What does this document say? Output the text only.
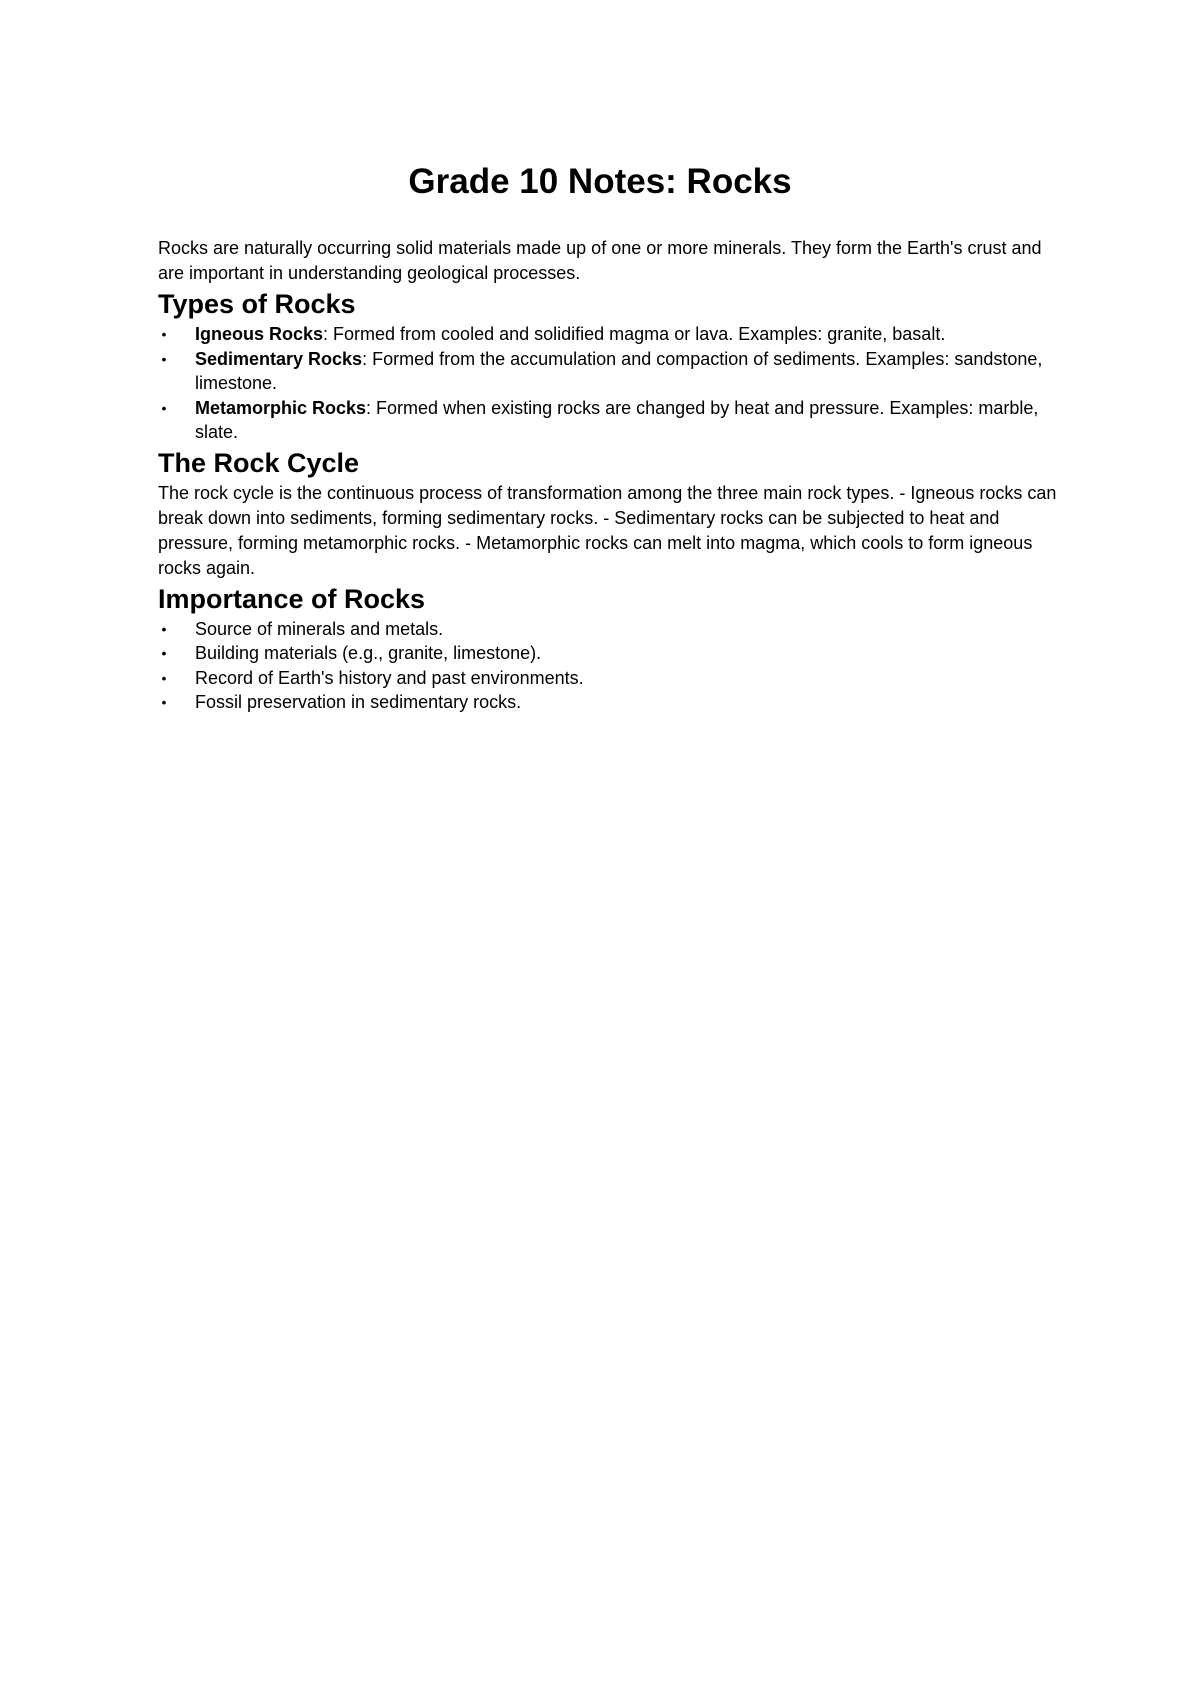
Grade 10 Notes: Rocks

Rocks are naturally occurring solid materials made up of one or more minerals. They form the Earth's crust and are important in understanding geological processes.

Types of Rocks
• Igneous Rocks: Formed from cooled and solidified magma or lava. Examples: granite, basalt.
• Sedimentary Rocks: Formed from the accumulation and compaction of sediments. Examples: sandstone, limestone.
• Metamorphic Rocks: Formed when existing rocks are changed by heat and pressure. Examples: marble, slate.
The Rock Cycle

The rock cycle is the continuous process of transformation among the three main rock types. - Igneous rocks can break down into sediments, forming sedimentary rocks. - Sedimentary rocks can be subjected to heat and pressure, forming metamorphic rocks. - Metamorphic rocks can melt into magma, which cools to form igneous rocks again.

Importance of Rocks
• Source of minerals and metals.
• Building materials (e.g., granite, limestone).
• Record of Earth's history and past environments.
• Fossil preservation in sedimentary rocks.
